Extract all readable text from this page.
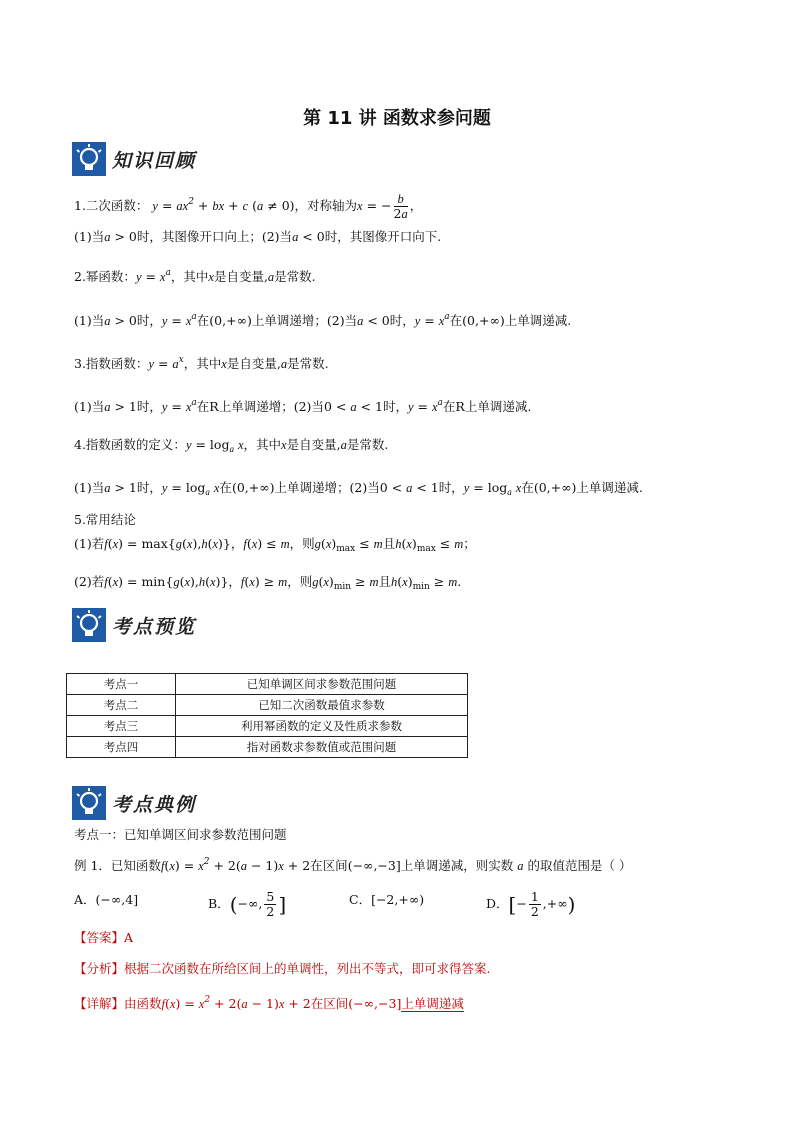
第 11 讲 函数求参问题
知识回顾
1.二次函数： $y = ax^2$ + bx + c (a ≠ 0)，对称轴为x = − $\frac{b}{2a}$ ，
(1)当a > 0时，其图像开口向上；(2)当a < 0时，其图像开口向下.
2.幂函数：$y = x^a$，其中x是自变量,a是常数.
(1)当a > 0时，$y = x^a$在(0,+∞)上单调递增；(2)当a < 0时，$y = x^a$在(0,+∞)上单调递减.
3.指数函数：$y = a^x$，其中x是自变量,a是常数.
(1)当a > 1时，$y = x^a$在R上单调递增；(2)当0 < a < 1时，$y = x^a$在R上单调递减.
4.指数函数的定义：$y = \log_a x$，其中x是自变量,a是常数.
(1)当a > 1时，$y = \log_a x$在(0,+∞)上单调递增；(2)当0 < a < 1时，$y = \log_a x$在(0,+∞)上单调递减.
5.常用结论
(1)若f(x) = max{g(x),h(x)}，f(x) ≤ m，则$g(x)_{max} \le m$且$h(x)_{max} \le m$；
(2)若f(x) = min{g(x),h(x)}，f(x) ≥ m，则$g(x)_{min} \ge m$且$h(x)_{min} \ge m$.
考点预览
考点一	已知单调区间求参数范围问题
考点二	已知二次函数最值求参数
考点三	利用幂函数的定义及性质求参数
考点四	指对函数求参数值或范围问题
考点典例
考点一：已知单调区间求参数范围问题
例 1．已知函数$f(x) = x^2 + 2(a - 1)x + 2$在区间(−∞,−3]上单调递减，则实数 a 的取值范围是（ ）
A．(−∞,4]	B．(−∞, $\frac{5}{2}$ ]	C．[−2,+∞)	D．[− $\frac{1}{2}$ ,+∞)
【答案】A
【分析】根据二次函数在所给区间上的单调性，列出不等式，即可求得答案.
【详解】由函数$f(x) = x^2 + 2(a - 1)x + 2$在区间(−∞,−3]上单调递减
